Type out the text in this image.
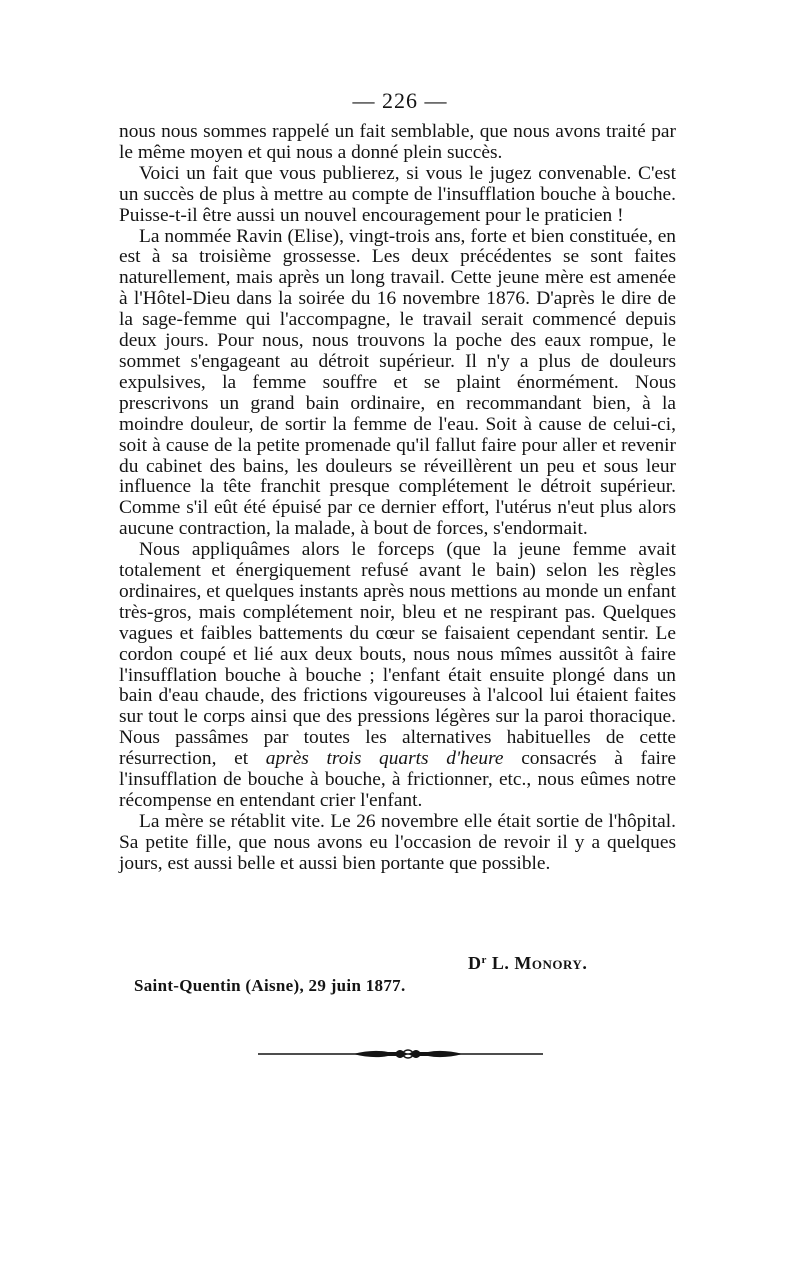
— 226 —

nous nous sommes rappelé un fait semblable, que nous avons traité par le même moyen et qui nous a donné plein succès.

Voici un fait que vous publierez, si vous le jugez convenable. C'est un succès de plus à mettre au compte de l'insufflation bouche à bouche. Puisse-t-il être aussi un nouvel encouragement pour le praticien !

La nommée Ravin (Elise), vingt-trois ans, forte et bien constituée, en est à sa troisième grossesse. Les deux précédentes se sont faites naturellement, mais après un long travail. Cette jeune mère est amenée à l'Hôtel-Dieu dans la soirée du 16 novembre 1876. D'après le dire de la sage-femme qui l'accompagne, le travail serait commencé depuis deux jours. Pour nous, nous trouvons la poche des eaux rompue, le sommet s'engageant au détroit supérieur. Il n'y a plus de douleurs expulsives, la femme souffre et se plaint énormément. Nous prescrivons un grand bain ordinaire, en recommandant bien, à la moindre douleur, de sortir la femme de l'eau. Soit à cause de celui-ci, soit à cause de la petite promenade qu'il fallut faire pour aller et revenir du cabinet des bains, les douleurs se réveillèrent un peu et sous leur influence la tête franchit presque complétement le détroit supérieur. Comme s'il eût été épuisé par ce dernier effort, l'utérus n'eut plus alors aucune contraction, la malade, à bout de forces, s'endormait.

Nous appliquâmes alors le forceps (que la jeune femme avait totalement et énergiquement refusé avant le bain) selon les règles ordinaires, et quelques instants après nous mettions au monde un enfant très-gros, mais complétement noir, bleu et ne respirant pas. Quelques vagues et faibles battements du cœur se faisaient cependant sentir. Le cordon coupé et lié aux deux bouts, nous nous mîmes aussitôt à faire l'insufflation bouche à bouche ; l'enfant était ensuite plongé dans un bain d'eau chaude, des frictions vigoureuses à l'alcool lui étaient faites sur tout le corps ainsi que des pressions légères sur la paroi thoracique. Nous passâmes par toutes les alternatives habituelles de cette résurrection, et après trois quarts d'heure consacrés à faire l'insufflation de bouche à bouche, à frictionner, etc., nous eûmes notre récompense en entendant crier l'enfant.

La mère se rétablit vite. Le 26 novembre elle était sortie de l'hôpital. Sa petite fille, que nous avons eu l'occasion de revoir il y a quelques jours, est aussi belle et aussi bien portante que possible.

$D^r$ L. Monory.
Saint-Quentin (Aisne), 29 juin 1877.
